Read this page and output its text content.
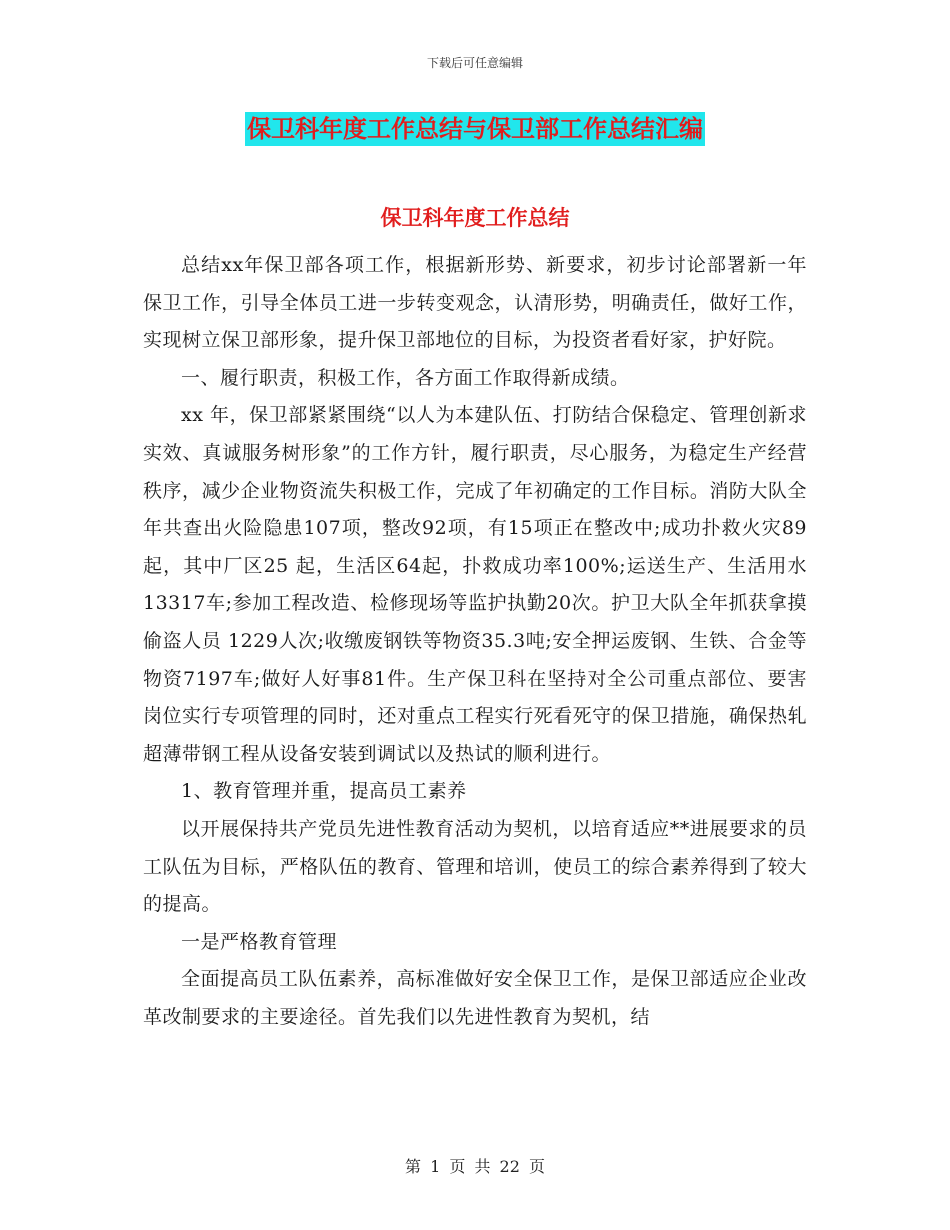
下载后可任意编辑
保卫科年度工作总结与保卫部工作总结汇编
保卫科年度工作总结

总结xx年保卫部各项工作，根据新形势、新要求，初步讨论部署新一年保卫工作，引导全体员工进一步转变观念，认清形势，明确责任，做好工作，实现树立保卫部形象，提升保卫部地位的目标，为投资者看好家，护好院。

一、履行职责，积极工作，各方面工作取得新成绩。

xx 年，保卫部紧紧围绕“以人为本建队伍、打防结合保稳定、管理创新求实效、真诚服务树形象”的工作方针，履行职责，尽心服务，为稳定生产经营秩序，减少企业物资流失积极工作，完成了年初确定的工作目标。消防大队全年共查出火险隐患107项，整改92项，有15项正在整改中;成功扑救火灾89起，其中厂区25 起，生活区64起，扑救成功率100%;运送生产、生活用水13317车;参加工程改造、检修现场等监护执勤20次。护卫大队全年抓获拿摸偷盗人员 1229人次;收缴废钢铁等物资35.3吨;安全押运废钢、生铁、合金等物资7197车;做好人好事81件。生产保卫科在坚持对全公司重点部位、要害岗位实行专项管理的同时，还对重点工程实行死看死守的保卫措施，确保热轧超薄带钢工程从设备安装到调试以及热试的顺利进行。

1、教育管理并重，提高员工素养

以开展保持共产党员先进性教育活动为契机，以培育适应**进展要求的员工队伍为目标，严格队伍的教育、管理和培训，使员工的综合素养得到了较大的提高。

一是严格教育管理

全面提高员工队伍素养，高标准做好安全保卫工作，是保卫部适应企业改革改制要求的主要途径。首先我们以先进性教育为契机，结

第 1 页 共 22 页
